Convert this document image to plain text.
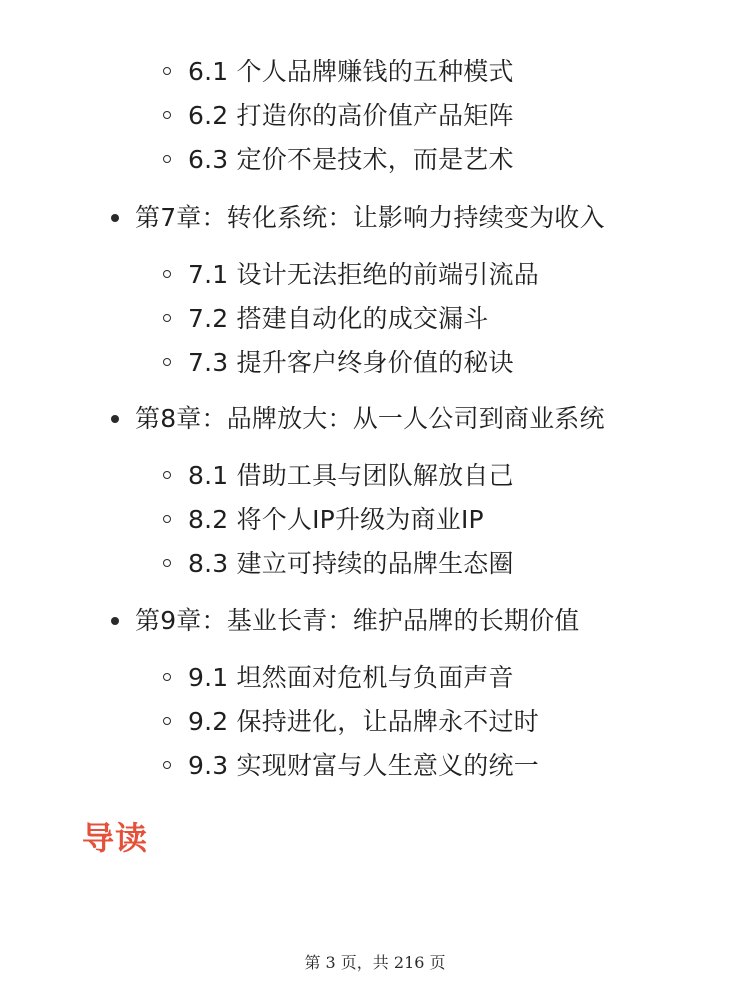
6.1 个人品牌赚钱的五种模式
6.2 打造你的高价值产品矩阵
6.3 定价不是技术，而是艺术
第7章：转化系统：让影响力持续变为收入
7.1 设计无法拒绝的前端引流品
7.2 搭建自动化的成交漏斗
7.3 提升客户终身价值的秘诀
第8章：品牌放大：从一人公司到商业系统
8.1 借助工具与团队解放自己
8.2 将个人IP升级为商业IP
8.3 建立可持续的品牌生态圈
第9章：基业长青：维护品牌的长期价值
9.1 坦然面对危机与负面声音
9.2 保持进化，让品牌永不过时
9.3 实现财富与人生意义的统一
导读
第 3 页，共 216 页
